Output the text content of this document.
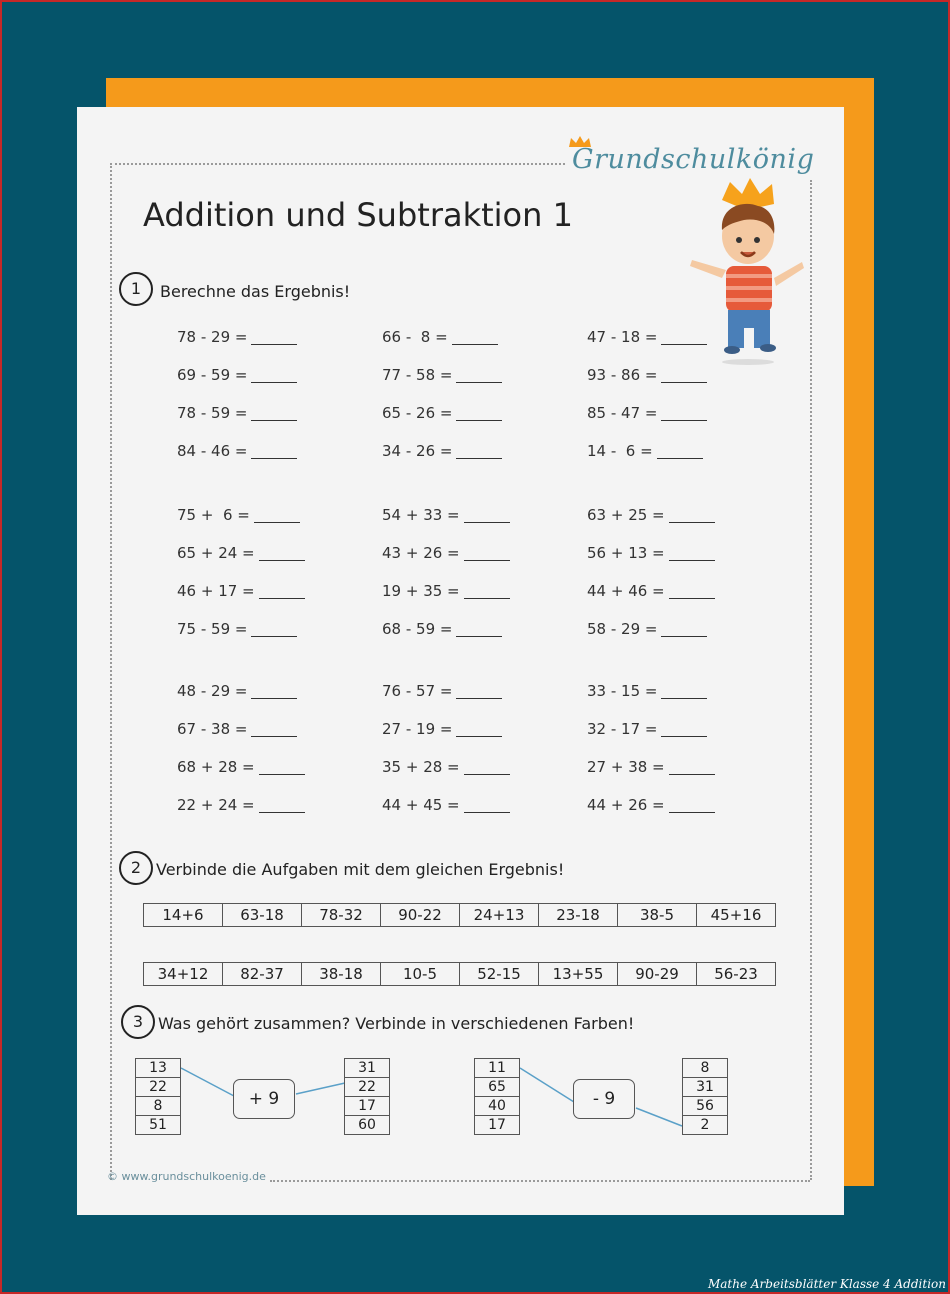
Grundschulkönig
Addition und Subtraktion 1
1	Berechne das Ergebnis!
78 - 29 =	66 -  8 =	47 - 18 =
69 - 59 =	77 - 58 =	93 - 86 =
78 - 59 =	65 - 26 =	85 - 47 =
84 - 46 =	34 - 26 =	14 -  6 =
75 +  6 =	54 + 33 =	63 + 25 =
65 + 24 =	43 + 26 =	56 + 13 =
46 + 17 =	19 + 35 =	44 + 46 =
75 - 59 =	68 - 59 =	58 - 29 =
48 - 29 =	76 - 57 =	33 - 15 =
67 - 38 =	27 - 19 =	32 - 17 =
68 + 28 =	35 + 28 =	27 + 38 =
22 + 24 =	44 + 45 =	44 + 26 =
2 Verbinde die Aufgaben mit dem gleichen Ergebnis!
14+6	63-18	78-32	90-22	24+13	23-18	38-5	45+16
34+12	82-37	38-18	10-5	52-15	13+55	90-29	56-23
3 Was gehört zusammen? Verbinde in verschiedenen Farben!
13
22
8
51
+ 9
31
22
17
60
11
65
40
17
- 9
8
31
56
2
© www.grundschulkoenig.de
Mathe Arbeitsblätter Klasse 4 Addition
